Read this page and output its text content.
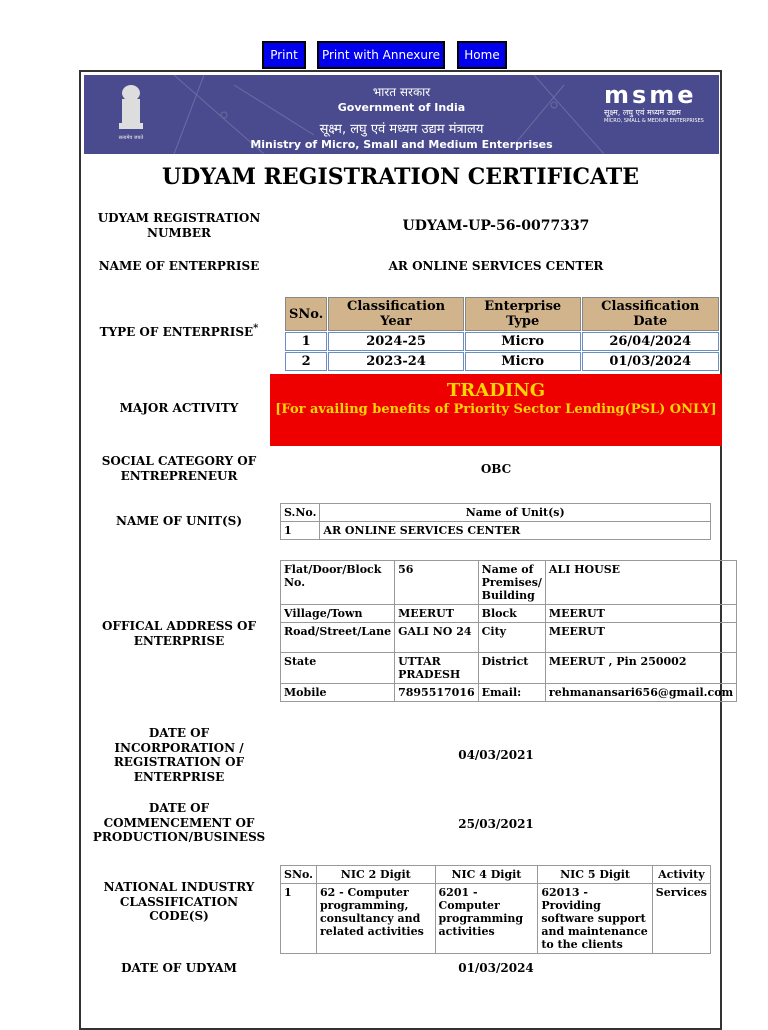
Print	Print with Annexure	Home
सत्यमेव जयते
भारत सरकार
Government of India
सूक्ष्म, लघु एवं मध्यम उद्यम मंत्रालय
Ministry of Micro, Small and Medium Enterprises
msme
सूक्ष्म, लघु एवं मध्यम उद्यम
MICRO, SMALL & MEDIUM ENTERPRISES
UDYAM REGISTRATION CERTIFICATE
UDYAM REGISTRATION NUMBER	UDYAM-UP-56-0077337
NAME OF ENTERPRISE	AR ONLINE SERVICES CENTER
TYPE OF ENTERPRISE*
SNo.	Classification Year	Enterprise Type	Classification Date
1	2024-25	Micro	26/04/2024
2	2023-24	Micro	01/03/2024
MAJOR ACTIVITY
TRADING
[For availing benefits of Priority Sector Lending(PSL) ONLY]
SOCIAL CATEGORY OF ENTREPRENEUR	OBC
NAME OF UNIT(S)
S.No.	Name of Unit(s)
1	AR ONLINE SERVICES CENTER
OFFICAL ADDRESS OF ENTERPRISE
Flat/Door/Block No.	56	Name of Premises/ Building	ALI HOUSE
Village/Town	MEERUT	Block	MEERUT
Road/Street/Lane	GALI NO 24	City	MEERUT
State	UTTAR PRADESH	District	MEERUT , Pin 250002
Mobile	7895517016	Email:	rehmanansari656@gmail.com
DATE OF INCORPORATION / REGISTRATION OF ENTERPRISE
04/03/2021
DATE OF COMMENCEMENT OF PRODUCTION/BUSINESS
25/03/2021
NATIONAL INDUSTRY CLASSIFICATION CODE(S)
SNo.	NIC 2 Digit	NIC 4 Digit	NIC 5 Digit	Activity
1	62 - Computer programming, consultancy and related activities	6201 - Computer programming activities	62013 - Providing software support and maintenance to the clients	Services
DATE OF UDYAM	01/03/2024
